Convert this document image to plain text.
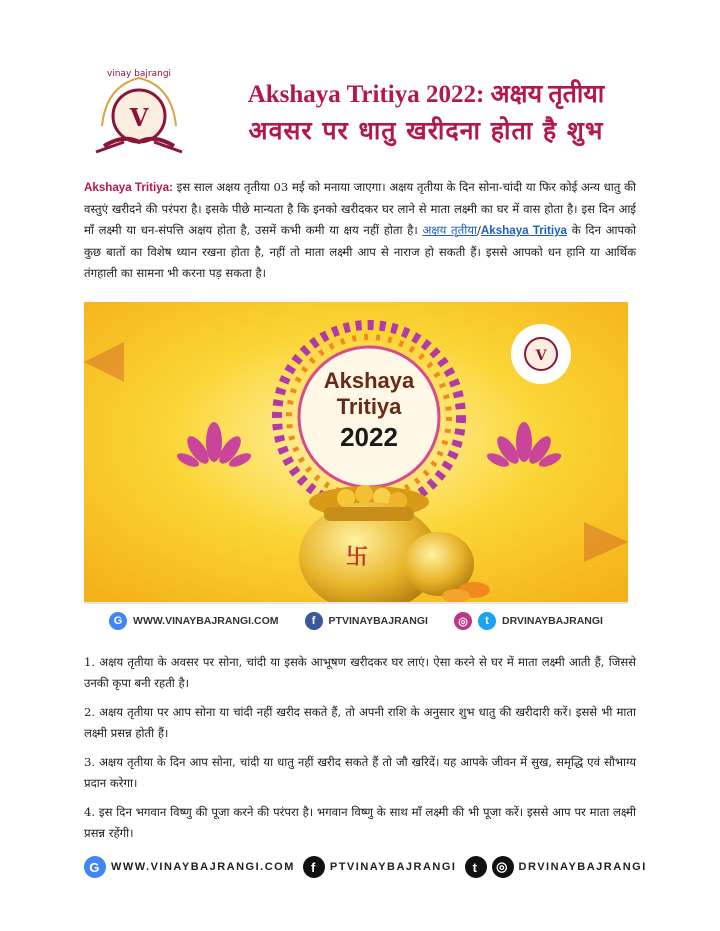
V
vinay bajrangi
Akshaya Tritiya 2022: अक्षय तृतीया
अवसर पर धातु खरीदना होता है शुभ
Akshaya Tritiya: इस साल अक्षय तृतीया 03 मई को मनाया जाएगा। अक्षय तृतीया के दिन सोना-चांदी या फिर कोई अन्य धातु की वस्तुएं खरीदने की परंपरा है। इसके पीछे मान्यता है कि इनको खरीदकर घर लाने से माता लक्ष्मी का घर में वास होता है। इस दिन आई माँ लक्ष्मी या धन-संपत्ति अक्षय होता है, उसमें कभी कमी या क्षय नहीं होता है। अक्षय तृतीया/Akshaya Tritiya के दिन आपको कुछ बातों का विशेष ध्यान रखना होता है, नहीं तो माता लक्ष्मी आप से नाराज हो सकती हैं। इससे आपको धन हानि या आर्थिक तंगहाली का सामना भी करना पड़ सकता है।
Akshaya
Tritiya
2022
V
卐
G	WWW.VINAYBAJRANGI.COM	f	PTVINAYBAJRANGI	◎	t	DRVINAYBAJRANGI

1. अक्षय तृतीया के अवसर पर सोना, चांदी या इसके आभूषण खरीदकर घर लाएं। ऐसा करने से घर में माता लक्ष्मी आती हैं, जिससे उनकी कृपा बनी रहती है।

2. अक्षय तृतीया पर आप सोना या चांदी नहीं खरीद सकते हैं, तो अपनी राशि के अनुसार शुभ धातु की खरीदारी करें। इससे भी माता लक्ष्मी प्रसन्न होती हैं।

3. अक्षय तृतीया के दिन आप सोना, चांदी या धातु नहीं खरीद सकते हैं तो जौ खरिदें। यह आपके जीवन में सुख, समृद्धि एवं सौभाग्य प्रदान करेगा।

4. इस दिन भगवान विष्णु की पूजा करने की परंपरा है। भगवान विष्णु के साथ माँ लक्ष्मी की भी पूजा करें। इससे आप पर माता लक्ष्मी प्रसन्न रहेंगी।

G WWW.VINAYBAJRANGI.COM	f	PTVINAYBAJRANGI	t	◎ DRVINAYBAJRANGI
